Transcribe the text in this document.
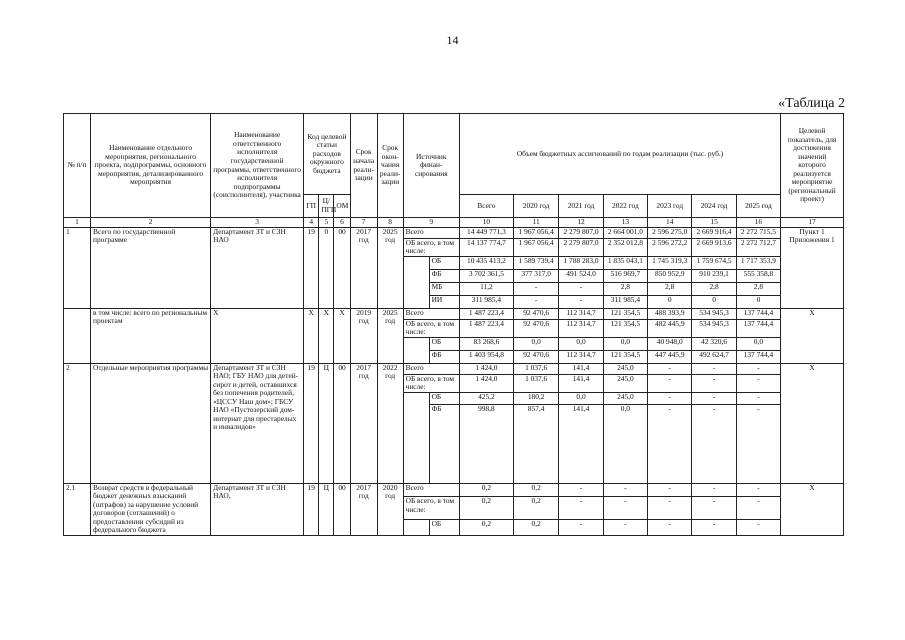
14
«Таблица 2
№ п/п	Наименование отдельного мероприятия, регионального проекта, подпрограммы, основного мероприятия, детализированного мероприятия	Наименование ответственного исполнителя государственной программы, ответственного исполнителя подпрограммы (соисполнителя), участника	Код целевой статьи расходов окружного бюджета			Срок начала реали- зации	Срок окон- чания реали- зации	Источник финан- сирования		Объем бюджетных ассигнований по годам реализации (тыс. руб.)							Целевой показатель, для достижения значений которого реализуется мероприятие (региональный проект)
			ГП	Ц/ ПГП	ОМ					Всего	2020 год	2021 год	2022 год	2023 год	2024 год	2025 год	
1	2	3	4	5	6	7	8	9		10	11	12	13	14	15	16	17
1	Всего по государственной программе	Департамент ЗТ и СЗН НАО	19	0	00	2017 год	2025 год	Всего		14 449 771,3	1 967 056,4	2 279 807,0	2 664 001,0	2 596 275,0	2 669 916,4	2 272 715,5	Пункт 1 Приложения 1
								ОБ всего, в том числе:		14 137 774,7	1 967 056,4	2 279 807,0	2 352 012,8	2 596 272,2	2 669 913,6	2 272 712,7	
									ОБ	10 435 413,2	1 589 739,4	1 788 283,0	1 835 043,1	1 745 319,3	1 759 674,5	1 717 353,9	
									ФБ	3 702 361,5	377 317,0	491 524,0	516 969,7	850 952,9	910 239,1	555 358,8	
									МБ	11,2	-	-	2,8	2,8	2,8	2,8	
									ИИ	311 985,4	-	-	311 985,4	0	0	0	
	в том числе: всего по региональным проектам	X	X	X	X	2019 год	2025 год	Всего		1 487 223,4	92 470,6	112 314,7	121 354,5	488 393,9	534 945,3	137 744,4	X
								ОБ всего, в том числе:		1 487 223,4	92 470,6	112 314,7	121 354,5	482 445,9	534 945,3	137 744,4	
									ОБ	83 268,6	0,0	0,0	0,0	40 948,0	42 320,6	0,0	
									ФБ	1 403 954,8	92 470,6	112 314,7	121 354,5	447 445,9	492 624,7	137 744,4	
2	Отдельные мероприятия программы	Департамент ЗТ и СЗН НАО; ГБУ НАО для детей-сирот и детей, оставшихся без попечения родителей, «ЦССУ Наш дом»; ГБСУ НАО «Пустозерский дом-интернат для престарелых и инвалидов»	19	Ц	00	2017 год	2022 год	Всего		1 424,0	1 037,6	141,4	245,0	-	-	-	X
								ОБ всего, в том числе:		1 424,0	1 037,6	141,4	245,0	-	-	-	
									ОБ	425,2	180,2	0,0	245,0	-	-	-	
									ФБ	998,8	857,4	141,4	0,0	-	-	-	
2.1	Возврат средств в федеральный бюджет денежных взысканий (штрафов) за нарушение условий договоров (соглашений) о предоставлении субсидий из федерального бюджета	Департамент ЗТ и СЗН НАО,	19	Ц	00	2017 год	2020 год	Всего		0,2	0,2	-	-	-	-	-	X
								ОБ всего, в том числе:		0,2	0,2	-	-	-	-	-	
									ОБ	0,2	0,2	-	-	-	-	-	
